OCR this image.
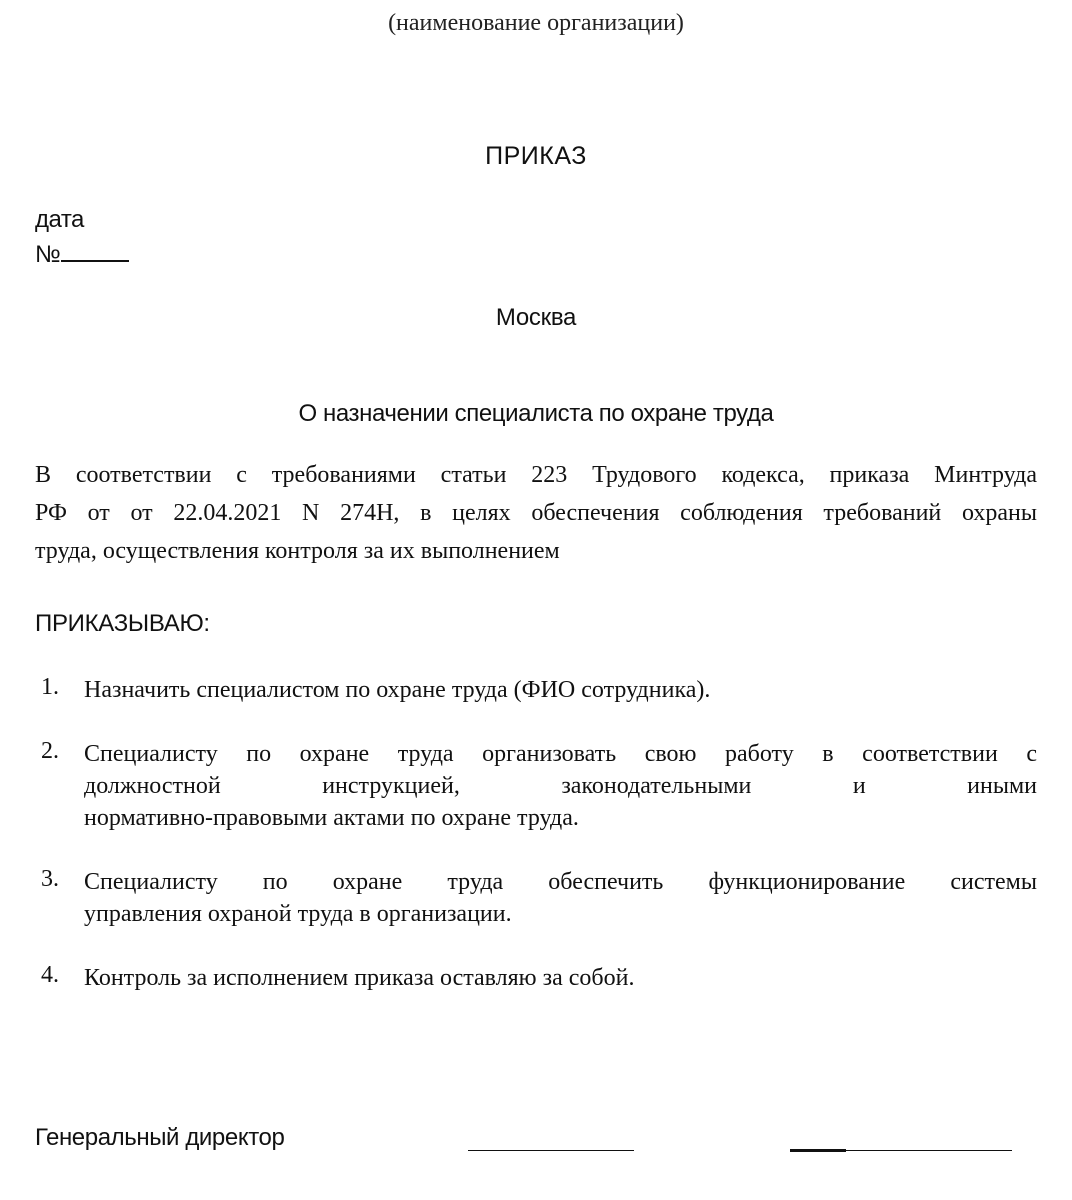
(наименование организации)
ПРИКАЗ
дата
№
Москва
О назначении специалиста по охране труда
В соответствии с требованиями статьи 223 Трудового кодекса, приказа Минтруда
РФ от от 22.04.2021 N 274Н, в целях обеспечения соблюдения требований охраны
труда, осуществления контроля за их выполнением
ПРИКАЗЫВАЮ:
1. Назначить специалистом по охране труда (ФИО сотрудника).
2. Специалисту по охране труда организовать свою работу в соответствии с
должностной инструкцией, законодательными и иными
нормативно-правовыми актами по охране труда.
3. Специалисту по охране труда обеспечить функционирование системы
управления охраной труда в организации.
4. Контроль за исполнением приказа оставляю за собой.
Генеральный директор
